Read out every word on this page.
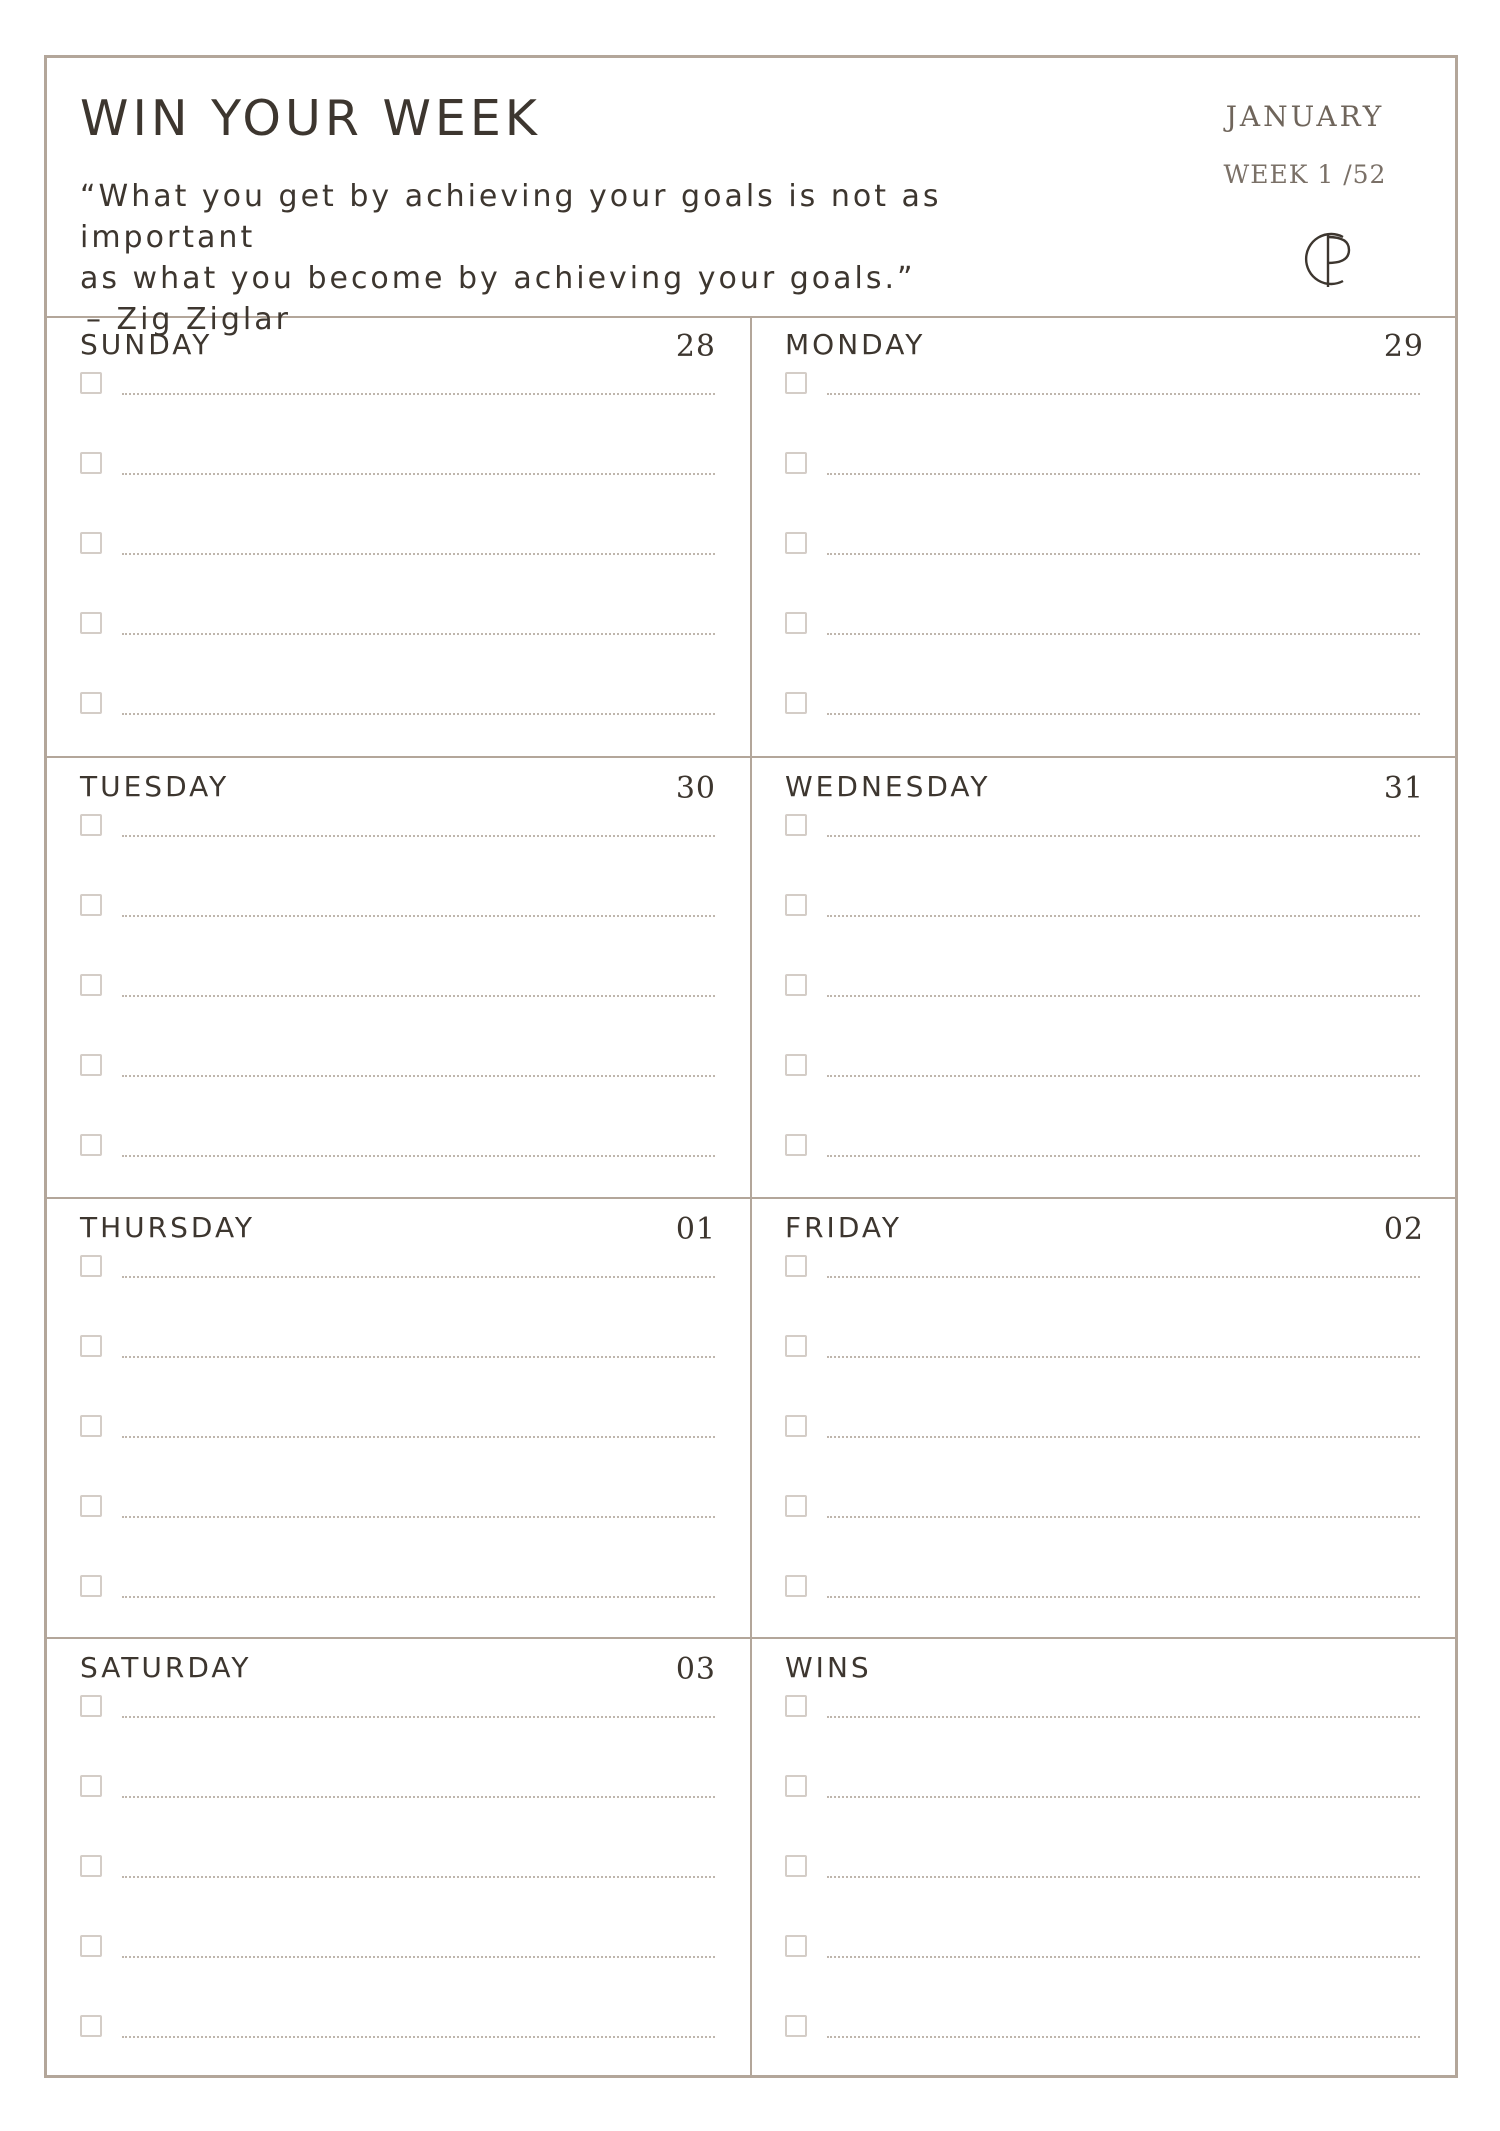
WIN YOUR WEEK

“What you get by achieving your goals is not as important

as what you become by achieving your goals.”

– Zig Ziglar

JANUARY
WEEK 1 /52
SUNDAY	28 MONDAY	29
TUESDAY	30 WEDNESDAY	31
THURSDAY	01 FRIDAY	02
SATURDAY	03 WINS
